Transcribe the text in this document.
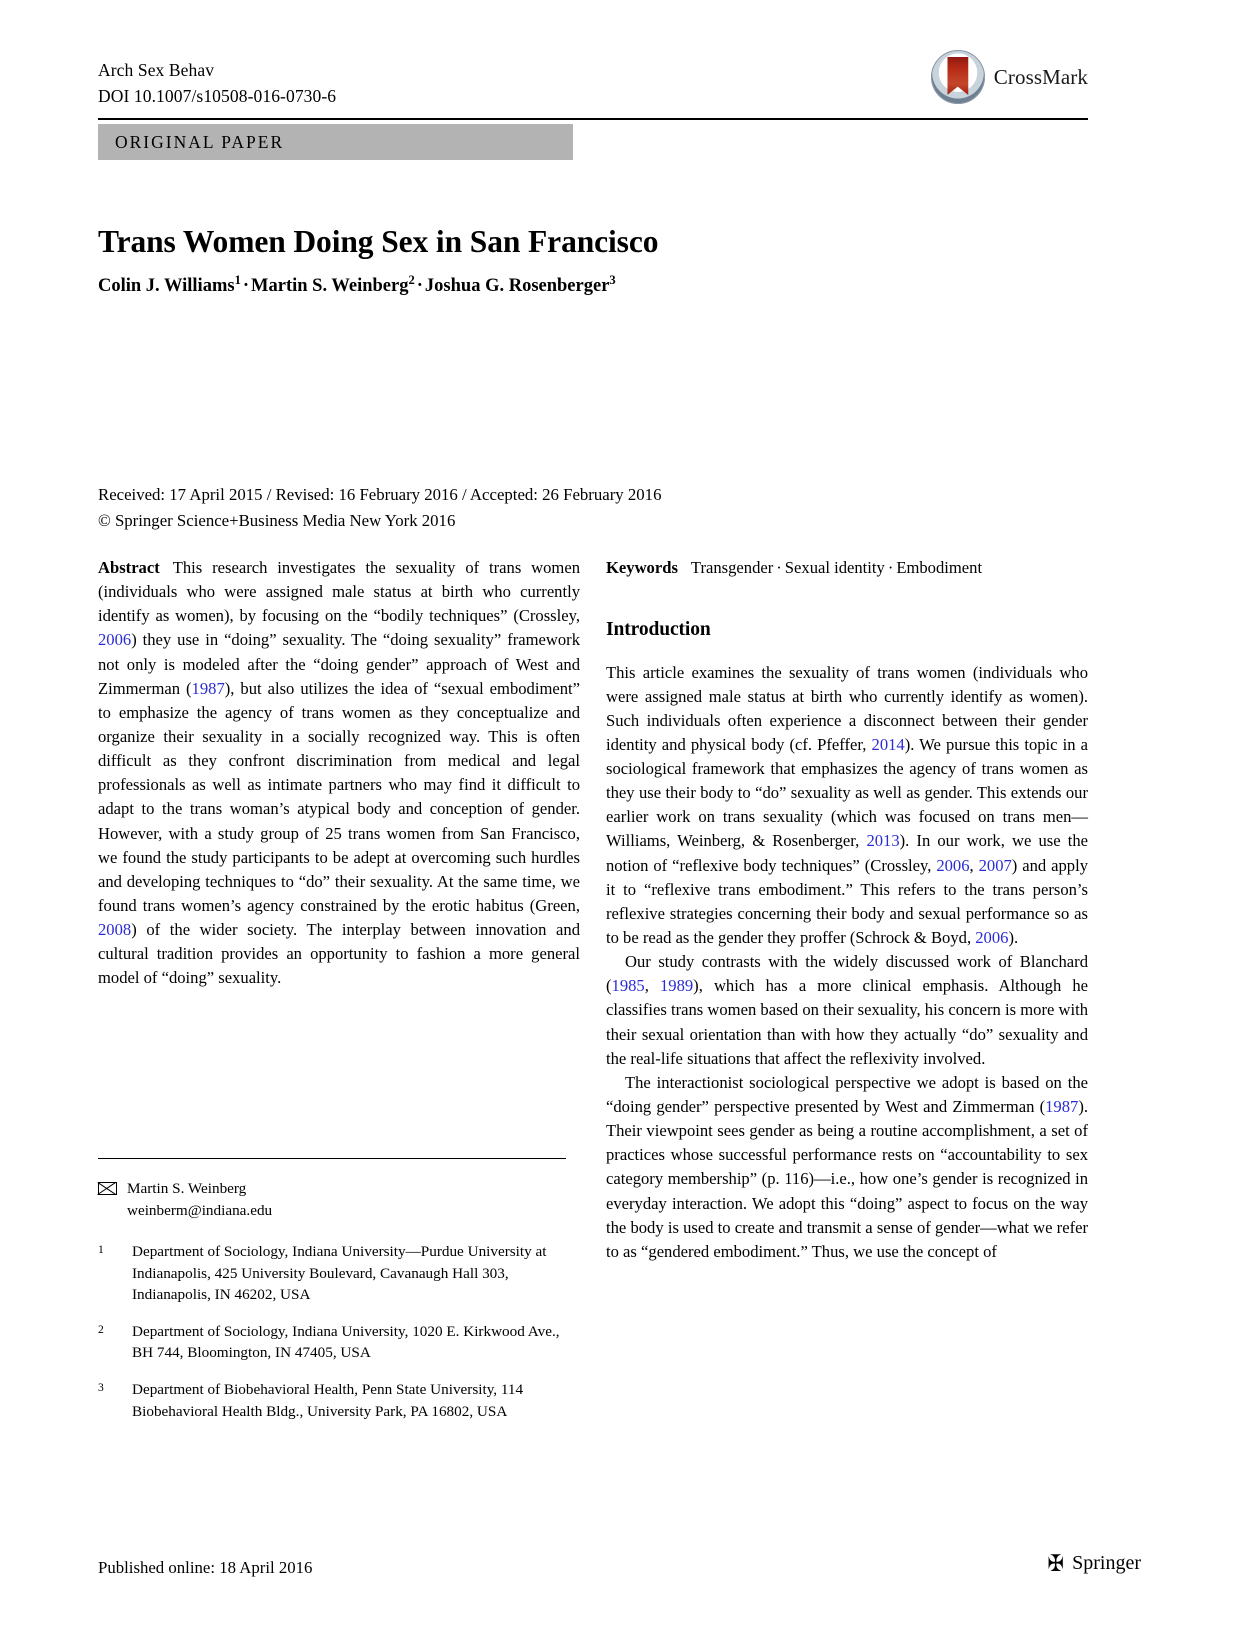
Arch Sex Behav
DOI 10.1007/s10508-016-0730-6
CrossMark
ORIGINAL PAPER
Trans Women Doing Sex in San Francisco
Colin J. Williams$^1$ · Martin S. Weinberg$^2$ · Joshua G. Rosenberger$^3$
Received: 17 April 2015 / Revised: 16 February 2016 / Accepted: 26 February 2016
© Springer Science+Business Media New York 2016

Abstract This research investigates the sexuality of trans women (individuals who were assigned male status at birth who currently identify as women), by focusing on the “bodily techniques” (Crossley, 2006) they use in “doing” sexuality. The “doing sexuality” framework not only is modeled after the “doing gender” approach of West and Zimmerman (1987), but also utilizes the idea of “sexual embodiment” to emphasize the agency of trans women as they conceptualize and organize their sexuality in a socially recognized way. This is often difficult as they confront discrimination from medical and legal professionals as well as intimate partners who may find it difficult to adapt to the trans woman’s atypical body and conception of gender. However, with a study group of 25 trans women from San Francisco, we found the study participants to be adept at overcoming such hurdles and developing techniques to “do” their sexuality. At the same time, we found trans women’s agency constrained by the erotic habitus (Green, 2008) of the wider society. The interplay between innovation and cultural tradition provides an opportunity to fashion a more general model of “doing” sexuality.

Keywords Transgender · Sexual identity · Embodiment

Introduction

This article examines the sexuality of trans women (individuals who were assigned male status at birth who currently identify as women). Such individuals often experience a disconnect between their gender identity and physical body (cf. Pfeffer, 2014). We pursue this topic in a sociological framework that emphasizes the agency of trans women as they use their body to “do” sexuality as well as gender. This extends our earlier work on trans sexuality (which was focused on trans men—Williams, Weinberg, & Rosenberger, 2013). In our work, we use the notion of “reflexive body techniques” (Crossley, 2006, 2007) and apply it to “reflexive trans embodiment.” This refers to the trans person’s reflexive strategies concerning their body and sexual performance so as to be read as the gender they proffer (Schrock & Boyd, 2006).

Our study contrasts with the widely discussed work of Blanchard (1985, 1989), which has a more clinical emphasis. Although he classifies trans women based on their sexuality, his concern is more with their sexual orientation than with how they actually “do” sexuality and the real-life situations that affect the reflexivity involved.

The interactionist sociological perspective we adopt is based on the “doing gender” perspective presented by West and Zimmerman (1987). Their viewpoint sees gender as being a routine accomplishment, a set of practices whose successful performance rests on “accountability to sex category membership” (p. 116)—i.e., how one’s gender is recognized in everyday interaction. We adopt this “doing” aspect to focus on the way the body is used to create and transmit a sense of gender—what we refer to as “gendered embodiment.” Thus, we use the concept of

Martin S. Weinberg
weinberm@indiana.edu
1	Department of Sociology, Indiana University—Purdue University at Indianapolis, 425 University Boulevard, Cavanaugh Hall 303, Indianapolis, IN 46202, USA
2	Department of Sociology, Indiana University, 1020 E. Kirkwood Ave., BH 744, Bloomington, IN 47405, USA
3	Department of Biobehavioral Health, Penn State University, 114 Biobehavioral Health Bldg., University Park, PA 16802, USA
Published online: 18 April 2016	✠ Springer
